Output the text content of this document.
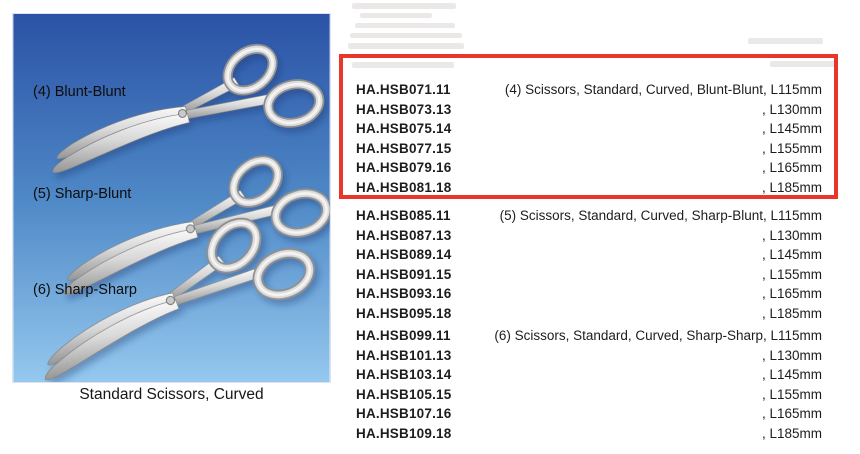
(4) Blunt-Blunt
(5) Sharp-Blunt
(6) Sharp-Sharp
Standard Scissors, Curved
HA.HSB071.11	(4) Scissors, Standard, Curved, Blunt-Blunt, L115mm
HA.HSB073.13	, L130mm
HA.HSB075.14	, L145mm
HA.HSB077.15	, L155mm
HA.HSB079.16	, L165mm
HA.HSB081.18	, L185mm
HA.HSB085.11	(5) Scissors, Standard, Curved, Sharp-Blunt, L115mm
HA.HSB087.13	, L130mm
HA.HSB089.14	, L145mm
HA.HSB091.15	, L155mm
HA.HSB093.16	, L165mm
HA.HSB095.18	, L185mm
HA.HSB099.11	(6) Scissors, Standard, Curved, Sharp-Sharp, L115mm
HA.HSB101.13	, L130mm
HA.HSB103.14	, L145mm
HA.HSB105.15	, L155mm
HA.HSB107.16	, L165mm
HA.HSB109.18	, L185mm
